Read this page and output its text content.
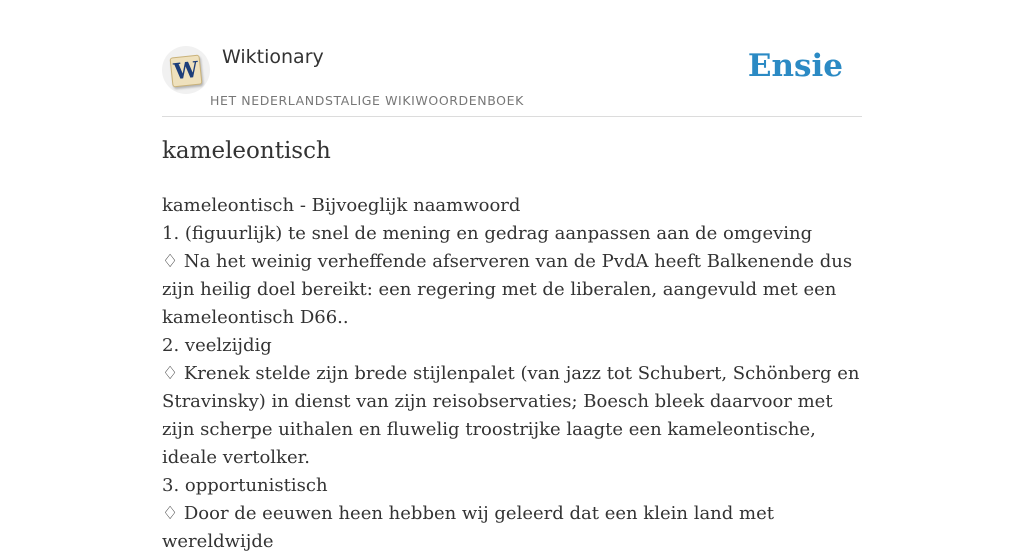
W Wiktionary
HET NEDERLANDSTALIGE WIKIWOORDENBOEK
Ensie
kameleontisch
kameleontisch - Bijvoeglijk naamwoord
1. (figuurlijk) te snel de mening en gedrag aanpassen aan de omgeving
♢ Na het weinig verheffende afserveren van de PvdA heeft Balkenende dus zijn heilig doel bereikt: een regering met de liberalen, aangevuld met een kameleontisch D66..
2. veelzijdig
♢ Krenek stelde zijn brede stijlenpalet (van jazz tot Schubert, Schönberg en Stravinsky) in dienst van zijn reisobservaties; Boesch bleek daarvoor met zijn scherpe uithalen en fluwelig troostrijke laagte een kameleontische, ideale vertolker.
3. opportunistisch
♢ Door de eeuwen heen hebben wij geleerd dat een klein land met wereldwijde
